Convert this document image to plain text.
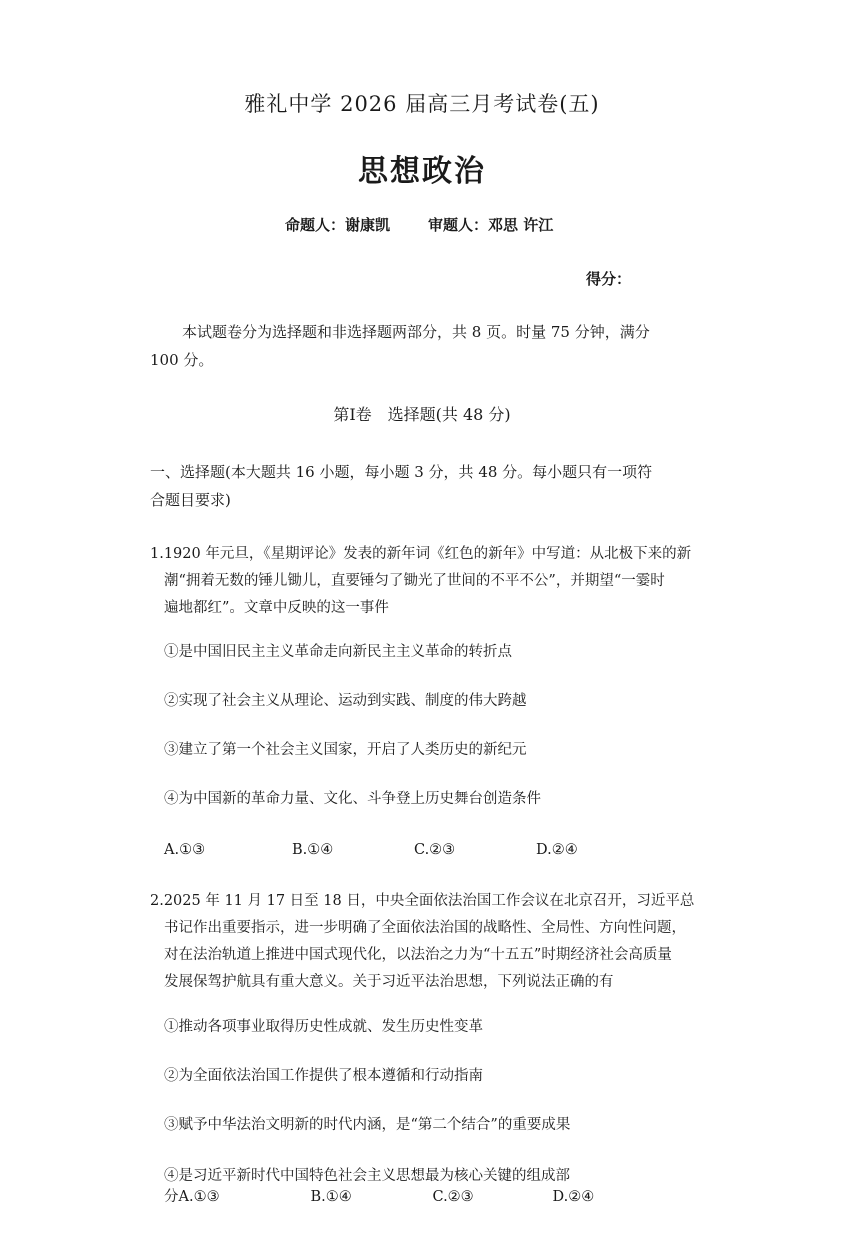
雅礼中学 2026 届高三月考试卷(五)
思想政治
命题人：谢康凯	审题人：邓思 许江
得分：
本试题卷分为选择题和非选择题两部分，共 8 页。时量 75 分钟，满分
100 分。
第Ⅰ卷　选择题(共 48 分)
一、选择题(本大题共 16 小题，每小题 3 分，共 48 分。每小题只有一项符
合题目要求)
1.1920 年元旦，《星期评论》发表的新年词《红色的新年》中写道：从北极下来的新
潮“拥着无数的锤儿锄儿，直要锤匀了锄光了世间的不平不公”，并期望“一霎时
遍地都红”。文章中反映的这一事件
①是中国旧民主主义革命走向新民主主义革命的转折点
②实现了社会主义从理论、运动到实践、制度的伟大跨越
③建立了第一个社会主义国家，开启了人类历史的新纪元
④为中国新的革命力量、文化、斗争登上历史舞台创造条件
A.①③	B.①④	C.②③	D.②④
2.2025 年 11 月 17 日至 18 日，中央全面依法治国工作会议在北京召开，习近平总
书记作出重要指示，进一步明确了全面依法治国的战略性、全局性、方向性问题，
对在法治轨道上推进中国式现代化，以法治之力为“十五五”时期经济社会高质量
发展保驾护航具有重大意义。关于习近平法治思想，下列说法正确的有
①推动各项事业取得历史性成就、发生历史性变革
②为全面依法治国工作提供了根本遵循和行动指南
③赋予中华法治文明新的时代内涵，是“第二个结合”的重要成果
④是习近平新时代中国特色社会主义思想最为核心关键的组成部
分A.①③	B.①④	C.②③	D.②④
